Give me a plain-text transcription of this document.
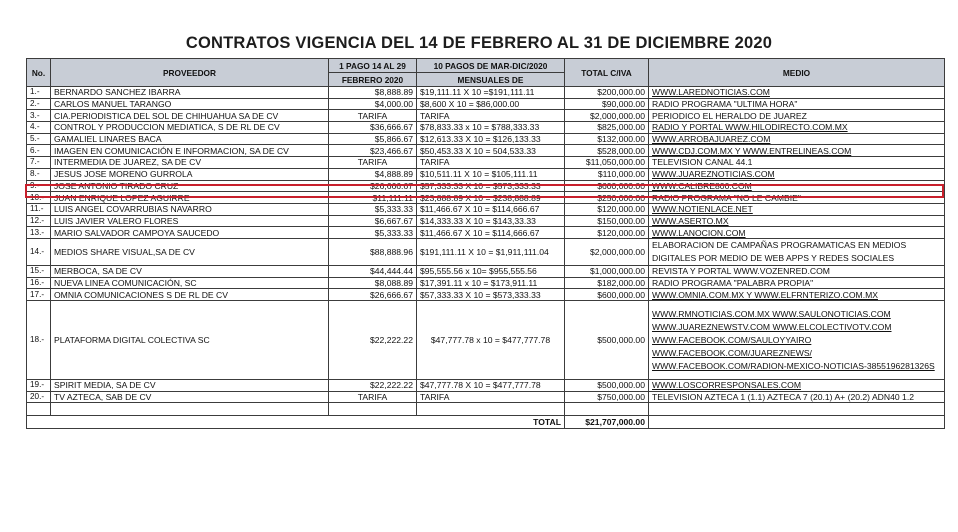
CONTRATOS VIGENCIA DEL 14 DE FEBRERO AL 31 DE DICIEMBRE 2020
No.	PROVEEDOR	1 PAGO 14 AL 29	10 PAGOS DE MAR-DIC/2020	TOTAL C/IVA	MEDIO
		FEBRERO 2020	MENSUALES DE		
1.-	BERNARDO SANCHEZ IBARRA	$8,888.89	$19,111.11 X 10 =$191,111.11	$200,000.00	WWW.LAREDNOTICIAS.COM

2.-	CARLOS MANUEL TARANGO	$4,000.00	$8,600 X 10 = $86,000.00	$90,000.00	RADIO PROGRAMA "ULTIMA HORA"

3.-	CIA.PERIODISTICA DEL SOL DE CHIHUAHUA SA DE CV	TARIFA	TARIFA	$2,000,000.00	PERIODICO EL HERALDO DE JUAREZ

4.-	CONTROL Y PRODUCCION MEDIATICA, S DE RL DE CV	$36,666.67	$78,833.33 x 10 = $788,333.33	$825,000.00	RADIO Y PORTAL WWW.HILODIRECTO.COM.MX

5.-	GAMALIEL LINARES BACA	$5,866.67	$12,613.33 X 10 = $126,133.33	$132,000.00	WWW.ARROBAJUAREZ.COM

6.-	IMAGEN EN COMUNICACIÓN E INFORMACION, SA DE CV	$23,466.67	$50,453.33 X 10 = 504,533.33	$528,000.00	WWW.CDJ.COM.MX Y WWW.ENTRELINEAS.COM

7.-	INTERMEDIA DE JUAREZ, SA DE CV	TARIFA	TARIFA	$11,050,000.00	TELEVISION CANAL 44.1

8.-	JESUS JOSE MORENO GURROLA	$4,888.89	$10,511.11 X 10 = $105,111.11	$110,000.00	WWW.JUAREZNOTICIAS.COM

9.-	JOSE ANTONIO TIRADO CRUZ	$26,666.67	$57,333.33 X 10 = $573,333.33	$600,000.00	WWW.CALIBRE800.COM

10.-	JUAN ENRIQUE LOPEZ AGUIRRE	$11,111.11	$23,888.89 X 10 = $238,888.89	$250,000.00	RADIO PROGRAMA "NO LE CAMBIE"

11.-	LUIS ANGEL COVARRUBIAS NAVARRO	$5,333.33	$11,466.67 X 10 = $114,666.67	$120,000.00	WWW.NOTIENLACE.NET

12.-	LUIS JAVIER VALERO FLORES	$6,667.67	$14,333.33 X 10 = $143,33.33	$150,000.00	WWW.ASERTO.MX

13.-	MARIO SALVADOR CAMPOYA SAUCEDO	$5,333.33	$11,466.67 X 10 = $114,666.67	$120,000.00	WWW.LANOCION.COM

14.-	MEDIOS SHARE VISUAL,SA DE CV	$88,888.96	$191,111.11 X 10 = $1,911,111.04	$2,000,000.00	ELABORACION DE CAMPAÑAS PROGRAMATICAS EN MEDIOS
DIGITALES POR MEDIO DE WEB APPS Y REDES SOCIALES

15.-	MERBOCA, SA DE CV	$44,444.44	$95,555.56 x 10= $955,555.56	$1,000,000.00	REVISTA Y PORTAL WWW.VOZENRED.COM

16.-	NUEVA LINEA COMUNICACIÓN, SC	$8,088.89	$17,391.11 x 10 = $173,911.11	$182,000.00	RADIO PROGRAMA "PALABRA PROPIA"

17.-	OMNIA COMUNICACIONES S DE RL DE CV	$26,666.67	$57,333.33 X 10 = $573,333.33	$600,000.00	WWW.OMNIA.COM.MX Y WWW.ELFRNTERIZO.COM.MX

18.-	PLATAFORMA DIGITAL COLECTIVA SC	$22,222.22	$47,777.78 x 10 = $477,777.78	$500,000.00	WWW.RMNOTICIAS.COM.MX WWW.SAULONOTICIAS.COM
WWW.JUAREZNEWSTV.COM WWW.ELCOLECTIVOTV.COM
WWW.FACEBOOK.COM/SAULOYYAIRO
WWW.FACEBOOK.COM/JUAREZNEWS/
WWW.FACEBOOK.COM/RADION-MEXICO-NOTICIAS-385519628132​6S

19.-	SPIRIT MEDIA, SA DE CV	$22,222.22	$47,777.78 X 10 = $477,777.78	$500,000.00	WWW.LOSCORRESPONSALES.COM

20.-	TV AZTECA, SAB DE CV	TARIFA	TARIFA	$750,000.00	TELEVISION AZTECA 1 (1.1) AZTECA 7 (20.1) A+ (20.2) ADN40 1.2

			TOTAL	$21,707,000.00	
